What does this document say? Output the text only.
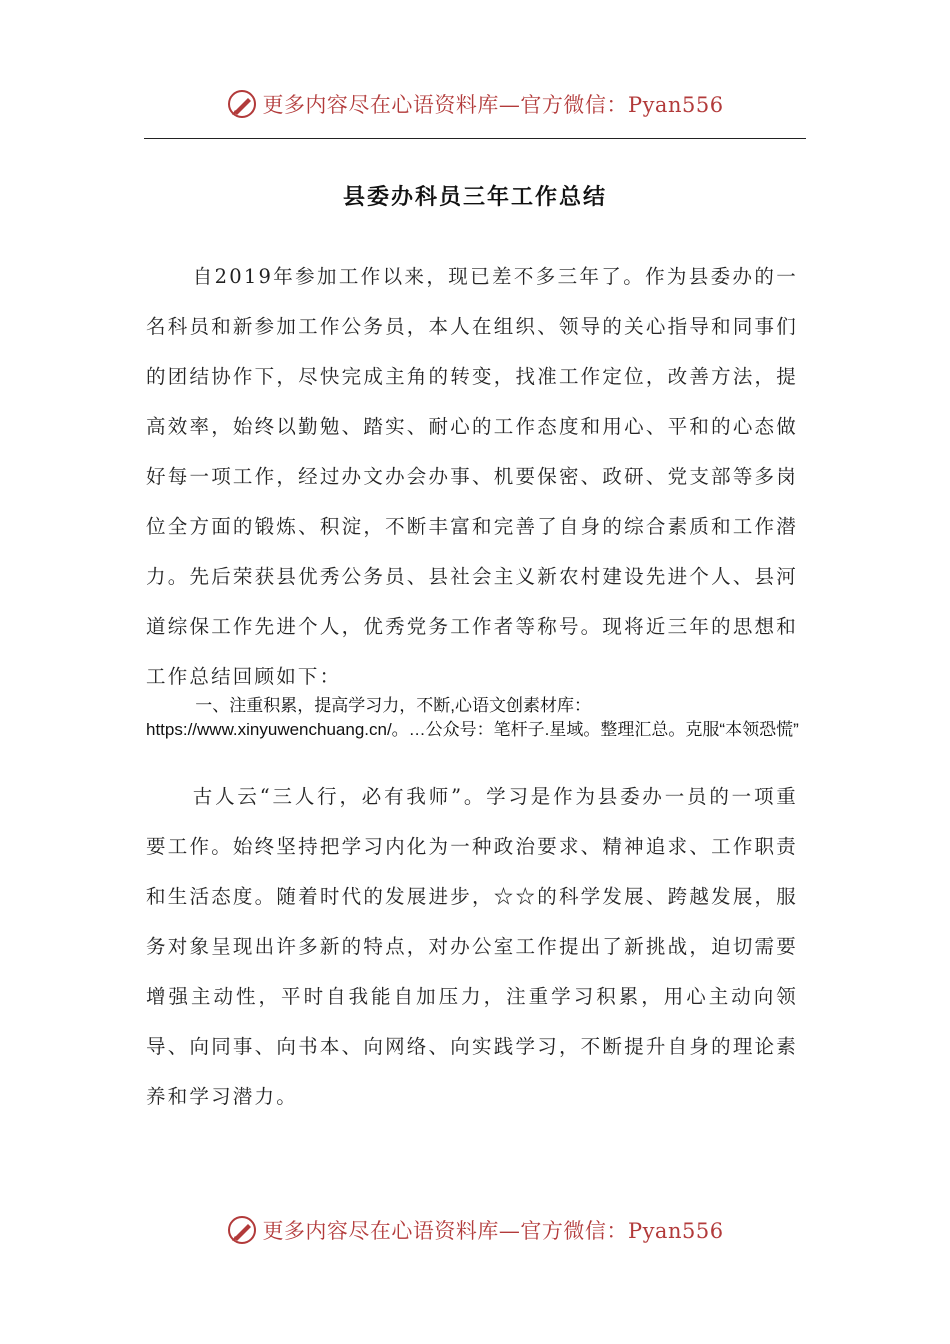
更多内容尽在心语资料库—官方微信：Pyan556
县委办科员三年工作总结
自2019年参加工作以来，现已差不多三年了。作为县委办的一名科员和新参加工作公务员，本人在组织、领导的关心指导和同事们的团结协作下，尽快完成主角的转变，找准工作定位，改善方法，提高效率，始终以勤勉、踏实、耐心的工作态度和用心、平和的心态做好每一项工作，经过办文办会办事、机要保密、政研、党支部等多岗位全方面的锻炼、积淀，不断丰富和完善了自身的综合素质和工作潜力。先后荣获县优秀公务员、县社会主义新农村建设先进个人、县河道综保工作先进个人，优秀党务工作者等称号。现将近三年的思想和工作总结回顾如下：
一、注重积累，提高学习力，不断,心语文创素材库：https://www.xinyuwenchuang.cn/。…公众号：笔杆子.星域。整理汇总。克服“本领恐慌”
古人云“三人行，必有我师”。学习是作为县委办一员的一项重要工作。始终坚持把学习内化为一种政治要求、精神追求、工作职责和生活态度。随着时代的发展进步，☆☆的科学发展、跨越发展，服务对象呈现出许多新的特点，对办公室工作提出了新挑战，迫切需要增强主动性，平时自我能自加压力，注重学习积累，用心主动向领导、向同事、向书本、向网络、向实践学习，不断提升自身的理论素养和学习潜力。
更多内容尽在心语资料库—官方微信：Pyan556
